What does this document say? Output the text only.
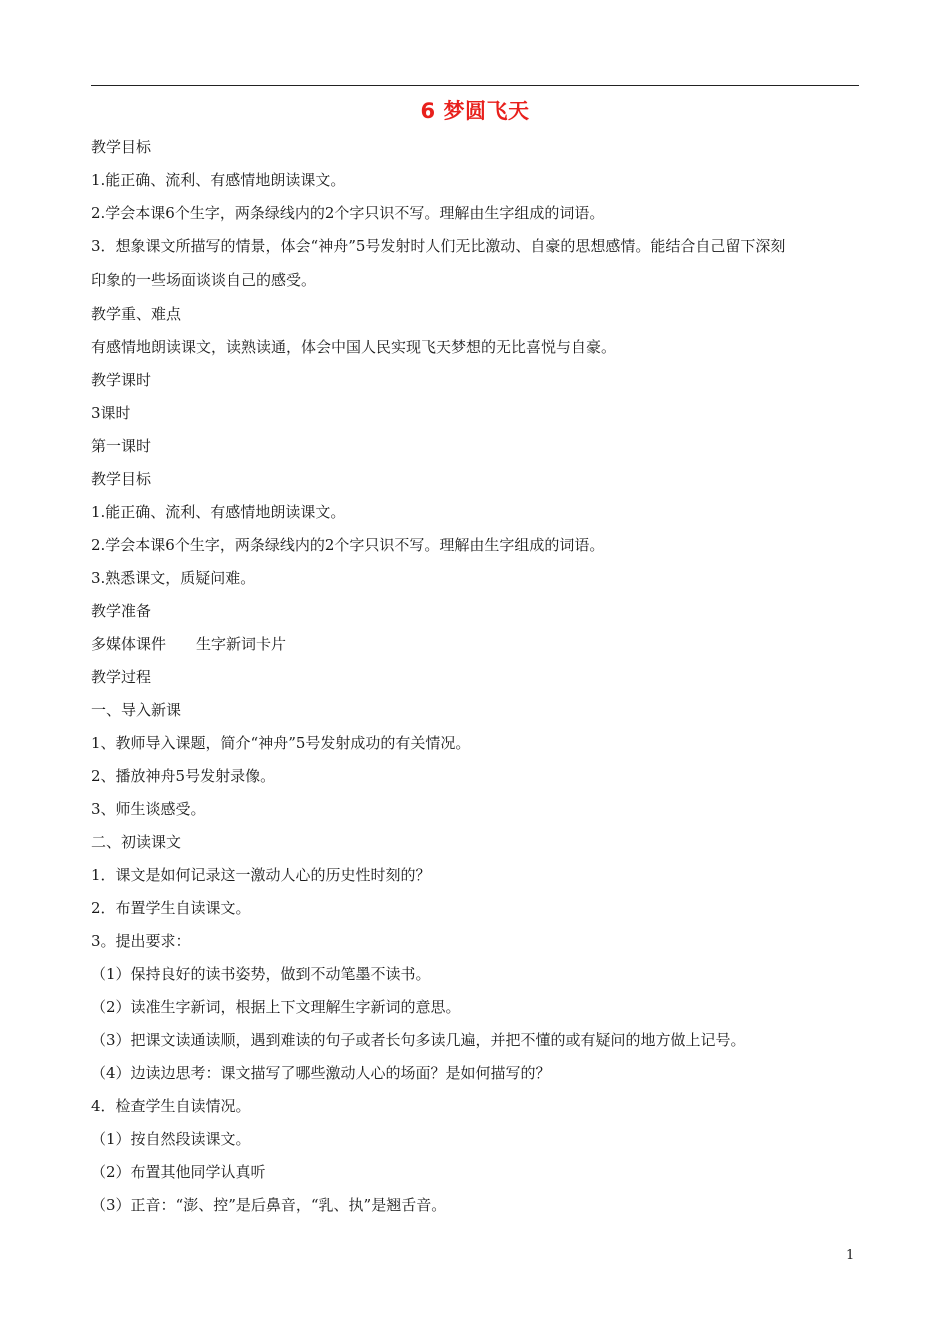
6 梦圆飞天

教学目标

1.能正确、流利、有感情地朗读课文。

2.学会本课6个生字，两条绿线内的2个字只识不写。理解由生字组成的词语。

3．想象课文所描写的情景，体会“神舟”5号发射时人们无比激动、自豪的思想感情。能结合自己留下深刻

印象的一些场面谈谈自己的感受。

教学重、难点

有感情地朗读课文，读熟读通，体会中国人民实现飞天梦想的无比喜悦与自豪。

教学课时

3课时

第一课时

教学目标

1.能正确、流利、有感情地朗读课文。

2.学会本课6个生字，两条绿线内的2个字只识不写。理解由生字组成的词语。

3.熟悉课文，质疑问难。

教学准备

多媒体课件　　生字新词卡片

教学过程

一、导入新课

1、教师导入课题，简介“神舟”5号发射成功的有关情况。

2、播放神舟5号发射录像。

3、师生谈感受。

二、初读课文

1．课文是如何记录这一激动人心的历史性时刻的？

2．布置学生自读课文。

3。提出要求：

（1）保持良好的读书姿势，做到不动笔墨不读书。

（2）读准生字新词，根据上下文理解生字新词的意思。

（3）把课文读通读顺，遇到难读的句子或者长句多读几遍，并把不懂的或有疑问的地方做上记号。

（4）边读边思考：课文描写了哪些激动人心的场面？是如何描写的？

4．检查学生自读情况。

（1）按自然段读课文。

（2）布置其他同学认真听

（3）正音：“澎、控”是后鼻音，“乳、执”是翘舌音。

1
